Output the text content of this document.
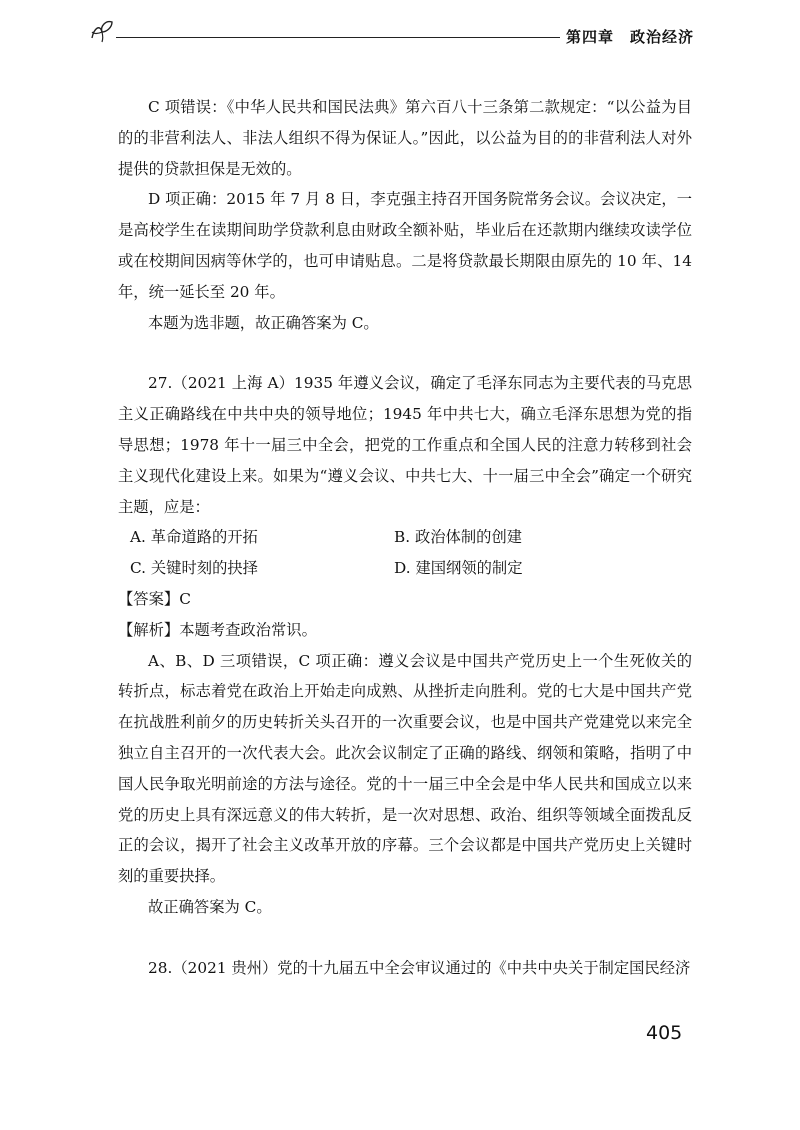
第四章　政治经济

C 项错误：《中华人民共和国民法典》第六百八十三条第二款规定：“以公益为目的的非营利法人、非法人组织不得为保证人。”因此，以公益为目的的非营利法人对外提供的贷款担保是无效的。

D 项正确：2015 年 7 月 8 日，李克强主持召开国务院常务会议。会议决定，一是高校学生在读期间助学贷款利息由财政全额补贴，毕业后在还款期内继续攻读学位或在校期间因病等休学的，也可申请贴息。二是将贷款最长期限由原先的 10 年、14 年，统一延长至 20 年。

本题为选非题，故正确答案为 C。

27.（2021 上海 A）1935 年遵义会议，确定了毛泽东同志为主要代表的马克思主义正确路线在中共中央的领导地位；1945 年中共七大，确立毛泽东思想为党的指导思想；1978 年十一届三中全会，把党的工作重点和全国人民的注意力转移到社会主义现代化建设上来。如果为“遵义会议、中共七大、十一届三中全会”确定一个研究主题，应是：

A. 革命道路的开拓	B. 政治体制的创建
C. 关键时刻的抉择	D. 建国纲领的制定

【答案】C

【解析】本题考查政治常识。

A、B、D 三项错误，C 项正确：遵义会议是中国共产党历史上一个生死攸关的转折点，标志着党在政治上开始走向成熟、从挫折走向胜利。党的七大是中国共产党在抗战胜利前夕的历史转折关头召开的一次重要会议，也是中国共产党建党以来完全独立自主召开的一次代表大会。此次会议制定了正确的路线、纲领和策略，指明了中国人民争取光明前途的方法与途径。党的十一届三中全会是中华人民共和国成立以来党的历史上具有深远意义的伟大转折，是一次对思想、政治、组织等领域全面拨乱反正的会议，揭开了社会主义改革开放的序幕。三个会议都是中国共产党历史上关键时刻的重要抉择。

故正确答案为 C。

28.（2021 贵州）党的十九届五中全会审议通过的《中共中央关于制定国民经济

405
